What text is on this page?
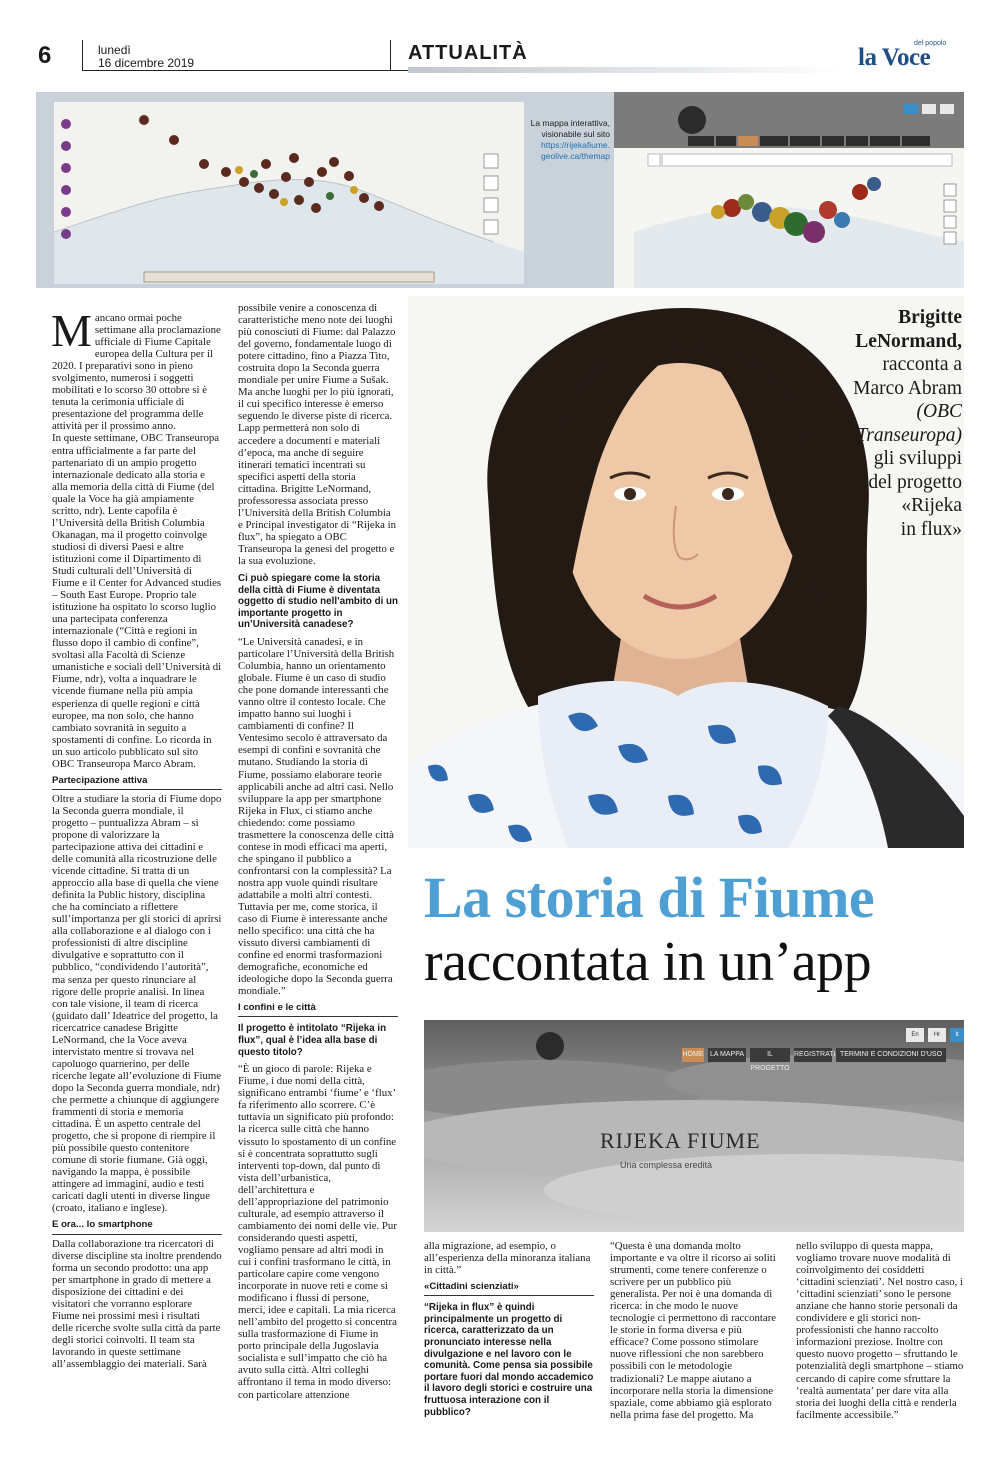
6	lunedì
16 dicembre 2019	ATTUALITÀ	del popolo
la Voce
La mappa interattiva,
visionabile sul sito
https://rijekafiume.
geolive.ca/themap

Mancano ormai poche settimane alla proclamazione ufficiale di Fiume Capitale europea della Cultura per il 2020. I preparativi sono in pieno svolgimento, numerosi i soggetti mobilitati e lo scorso 30 ottobre si è tenuta la cerimonia ufficiale di presentazione del programma delle attività per il prossimo anno.

In queste settimane, OBC Transeuropa entra ufficialmente a far parte del partenariato di un ampio progetto internazionale dedicato alla storia e alla memoria della città di Fiume (del quale la Voce ha già ampiamente scritto, ndr). Lente capofila è l’Università della British Columbia Okanagan, ma il progetto coinvolge studiosi di diversi Paesi e altre istituzioni come il Dipartimento di Studi culturali dell’Università di Fiume e il Center for Advanced studies – South East Europe. Proprio tale istituzione ha ospitato lo scorso luglio una partecipata conferenza internazionale (“Città e regioni in flusso dopo il cambio di confine”, svoltasi alla Facoltà di Scienze umanistiche e sociali dell’Università di Fiume, ndr), volta a inquadrare le vicende fiumane nella più ampia esperienza di quelle regioni e città europee, ma non solo, che hanno cambiato sovranità in seguito a spostamenti di confine. Lo ricorda in un suo articolo pubblicato sul sito OBC Transeuropa Marco Abram.

Partecipazione attiva

Oltre a studiare la storia di Fiume dopo la Seconda guerra mondiale, il progetto – puntualizza Abram – si propone di valorizzare la partecipazione attiva dei cittadini e delle comunità alla ricostruzione delle vicende cittadine. Si tratta di un approccio alla base di quella che viene definita la Public history, disciplina che ha cominciato a riflettere sull’importanza per gli storici di aprirsi alla collaborazione e al dialogo con i professionisti di altre discipline divulgative e soprattutto con il pubblico, “condividendo l’autorità”, ma senza per questo rinunciare al rigore delle proprie analisi. In linea con tale visione, il team di ricerca (guidato dall’ Ideatrice del progetto, la ricercatrice canadese Brigitte LeNormand, che la Voce aveva intervistato mentre si trovava nel capoluogo quarnerino, per delle ricerche legate all’evoluzione di Fiume dopo la Seconda guerra mondiale, ndr) che permette a chiunque di aggiungere frammenti di storia e memoria cittadina. È un aspetto centrale del progetto, che si propone di riempire il più possibile questo contenitore comune di storie fiumane. Già oggi, navigando la mappa, è possibile attingere ad immagini, audio e testi caricati dagli utenti in diverse lingue (croato, italiano e inglese).

E ora... lo smartphone

Dalla collaborazione tra ricercatori di diverse discipline sta inoltre prendendo forma un secondo prodotto: una app per smartphone in grado di mettere a disposizione dei cittadini e dei visitatori che vorranno esplorare Fiume nei prossimi mesi i risultati delle ricerche svolte sulla città da parte degli storici coinvolti. Il team sta lavorando in queste settimane all’assemblaggio dei materiali. Sarà

possibile venire a conoscenza di caratteristiche meno note dei luoghi più conosciuti di Fiume: dal Palazzo del governo, fondamentale luogo di potere cittadino, fino a Piazza Tito, costruita dopo la Seconda guerra mondiale per unire Fiume a Sušak. Ma anche luoghi per lo più ignorati, il cui specifico interesse è emerso seguendo le diverse piste di ricerca. Lapp permetterà non solo di accedere a documenti e materiali d’epoca, ma anche di seguire itinerari tematici incentrati su specifici aspetti della storia cittadina. Brigitte LeNormand, professoressa associata presso l’Università della British Columbia e Principal investigator di “Rijeka in flux”, ha spiegato a OBC Transeuropa la genesi del progetto e la sua evoluzione.

Ci può spiegare come la storia della città di Fiume è diventata oggetto di studio nell’ambito di un importante progetto in un’Università canadese?

“Le Università canadesi, e in particolare l’Università della British Columbia, hanno un orientamento globale. Fiume è un caso di studio che pone domande interessanti che vanno oltre il contesto locale. Che impatto hanno sui luoghi i cambiamenti di confine? Il Ventesimo secolo è attraversato da esempi di confini e sovranità che mutano. Studiando la storia di Fiume, possiamo elaborare teorie applicabili anche ad altri casi. Nello sviluppare la app per smartphone Rijeka in Flux, ci stiamo anche chiedendo: come possiamo trasmettere la conoscenza delle città contese in modi efficaci ma aperti, che spingano il pubblico a confrontarsi con la complessità? La nostra app vuole quindi risultare adattabile a molti altri contesti. Tuttavia per me, come storica, il caso di Fiume è interessante anche nello specifico: una città che ha vissuto diversi cambiamenti di confine ed enormi trasformazioni demografiche, economiche ed ideologiche dopo la Seconda guerra mondiale.”

I confini e le città
Il progetto è intitolato “Rijeka in flux”, qual è l’idea alla base di questo titolo?

“È un gioco di parole: Rijeka e Fiume, i due nomi della città, significano entrambi ‘fiume’ e ‘flux’ fa riferimento allo scorrere. C’è tuttavia un significato più profondo: la ricerca sulle città che hanno vissuto lo spostamento di un confine si è concentrata soprattutto sugli interventi top-down, dal punto di vista dell’urbanistica, dell’architettura e dell’appropriazione del patrimonio culturale, ad esempio attraverso il cambiamento dei nomi delle vie. Pur considerando questi aspetti, vogliamo pensare ad altri modi in cui i confini trasformano le città, in particolare capire come vengono incorporate in nuove reti e come si modificano i flussi di persone, merci, idee e capitali. La mia ricerca nell’ambito del progetto si concentra sulla trasformazione di Fiume in porto principale della Jugoslavia socialista e sull’impatto che ciò ha avuto sulla città. Altri colleghi affrontano il tema in modo diverso: con particolare attenzione

Brigitte
LeNormand,
racconta a
Marco Abram
(OBC
Transeuropa)
gli sviluppi
del progetto
«Rijeka
in flux»
La storia di Fiume
raccontata in un’app
En	Hr	It
HOME LA MAPPA	IL PROGETTO
REGISTRATI TERMINI E CONDIZIONI D'USO
RIJEKA FIUME
Una complessa eredità

alla migrazione, ad esempio, o all’esperienza della minoranza italiana in città.”

«Cittadini scienziati»
“Rijeka in flux” è quindi principalmente un progetto di ricerca, caratterizzato da un pronunciato interesse nella divulgazione e nel lavoro con le comunità. Come pensa sia possibile portare fuori dal mondo accademico il lavoro degli storici e costruire una fruttuosa interazione con il pubblico?

“Questa è una domanda molto importante e va oltre il ricorso ai soliti strumenti, come tenere conferenze o scrivere per un pubblico più generalista. Per noi è una domanda di ricerca: in che modo le nuove tecnologie ci permettono di raccontare le storie in forma diversa e più efficace? Come possono stimolare nuove riflessioni che non sarebbero possibili con le metodologie tradizionali? Le mappe aiutano a incorporare nella storia la dimensione spaziale, come abbiamo già esplorato nella prima fase del progetto. Ma

nello sviluppo di questa mappa, vogliamo trovare nuove modalità di coinvolgimento dei cosiddetti ‘cittadini scienziati’. Nel nostro caso, i ‘cittadini scienziati’ sono le persone anziane che hanno storie personali da condividere e gli storici non-professionisti che hanno raccolto informazioni preziose. Inoltre con questo nuovo progetto – sfruttando le potenzialità degli smartphone – stiamo cercando di capire come sfruttare la ‘realtà aumentata’ per dare vita alla storia dei luoghi della città e renderla facilmente accessibile.”
